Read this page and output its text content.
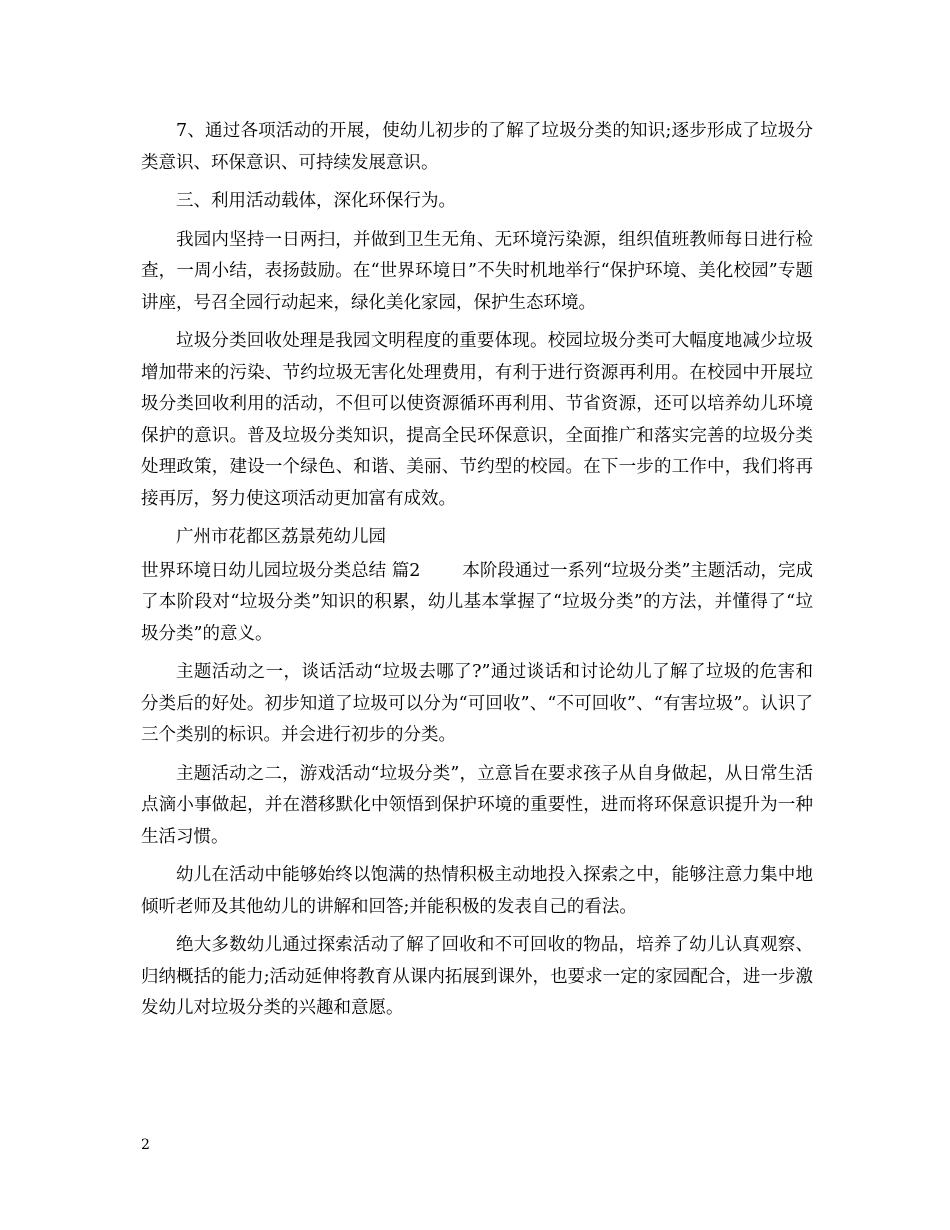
7、通过各项活动的开展，使幼儿初步的了解了垃圾分类的知识;逐步形成了垃圾分类意识、环保意识、可持续发展意识。

三、利用活动载体，深化环保行为。

我园内坚持一日两扫，并做到卫生无角、无环境污染源，组织值班教师每日进行检查，一周小结，表扬鼓励。在“世界环境日”不失时机地举行“保护环境、美化校园”专题讲座，号召全园行动起来，绿化美化家园，保护生态环境。

垃圾分类回收处理是我园文明程度的重要体现。校园垃圾分类可大幅度地减少垃圾增加带来的污染、节约垃圾无害化处理费用，有利于进行资源再利用。在校园中开展垃圾分类回收利用的活动，不但可以使资源循环再利用、节省资源，还可以培养幼儿环境保护的意识。普及垃圾分类知识，提高全民环保意识，全面推广和落实完善的垃圾分类处理政策，建设一个绿色、和谐、美丽、节约型的校园。在下一步的工作中，我们将再接再厉，努力使这项活动更加富有成效。

广州市花都区荔景苑幼儿园

世界环境日幼儿园垃圾分类总结 篇2 本阶段通过一系列“垃圾分类”主题活动，完成了本阶段对“垃圾分类”知识的积累，幼儿基本掌握了“垃圾分类”的方法，并懂得了“垃圾分类”的意义。

主题活动之一，谈话活动“垃圾去哪了?”通过谈话和讨论幼儿了解了垃圾的危害和分类后的好处。初步知道了垃圾可以分为“可回收”、“不可回收”、“有害垃圾”。认识了三个类别的标识。并会进行初步的分类。

主题活动之二，游戏活动“垃圾分类”，立意旨在要求孩子从自身做起，从日常生活点滴小事做起，并在潜移默化中领悟到保护环境的重要性，进而将环保意识提升为一种生活习惯。

幼儿在活动中能够始终以饱满的热情积极主动地投入探索之中，能够注意力集中地倾听老师及其他幼儿的讲解和回答;并能积极的发表自己的看法。

绝大多数幼儿通过探索活动了解了回收和不可回收的物品，培养了幼儿认真观察、归纳概括的能力;活动延伸将教育从课内拓展到课外，也要求一定的家园配合，进一步激发幼儿对垃圾分类的兴趣和意愿。

2
